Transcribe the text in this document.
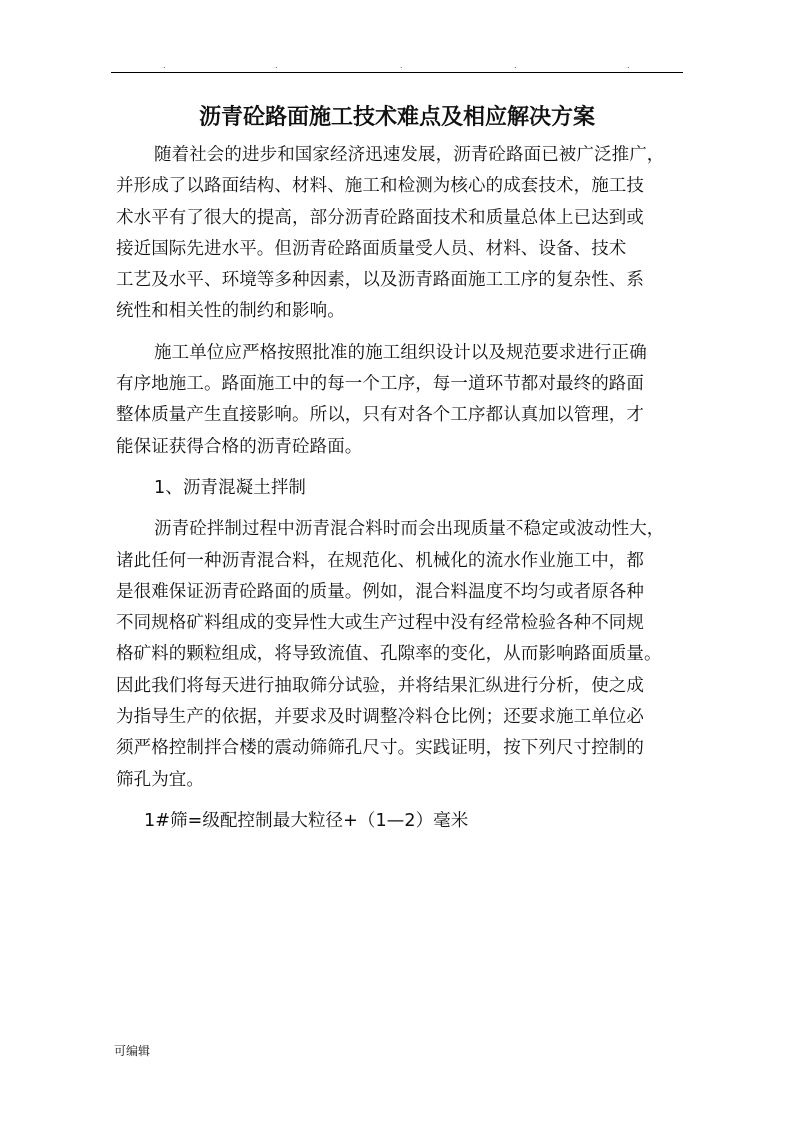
.	.	.	.	.
沥青砼路面施工技术难点及相应解决方案
随着社会的进步和国家经济迅速发展，沥青砼路面已被广泛推广，
并形成了以路面结构、材料、施工和检测为核心的成套技术，施工技
术水平有了很大的提高，部分沥青砼路面技术和质量总体上已达到或
接近国际先进水平。但沥青砼路面质量受人员、材料、设备、技术
工艺及水平、环境等多种因素，以及沥青路面施工工序的复杂性、系
统性和相关性的制约和影响。
施工单位应严格按照批准的施工组织设计以及规范要求进行正确
有序地施工。路面施工中的每一个工序，每一道环节都对最终的路面
整体质量产生直接影响。所以，只有对各个工序都认真加以管理，才
能保证获得合格的沥青砼路面。
1、沥青混凝土拌制
沥青砼拌制过程中沥青混合料时而会出现质量不稳定或波动性大，
诸此任何一种沥青混合料，在规范化、机械化的流水作业施工中，都
是很难保证沥青砼路面的质量。例如，混合料温度不均匀或者原各种
不同规格矿料组成的变异性大或生产过程中没有经常检验各种不同规
格矿料的颗粒组成，将导致流值、孔隙率的变化，从而影响路面质量。
因此我们将每天进行抽取筛分试验，并将结果汇纵进行分析，使之成
为指导生产的依据，并要求及时调整冷料仓比例；还要求施工单位必
须严格控制拌合楼的震动筛筛孔尺寸。实践证明，按下列尺寸控制的
筛孔为宜。
1#筛=级配控制最大粒径+（1—2）毫米
可编辑
